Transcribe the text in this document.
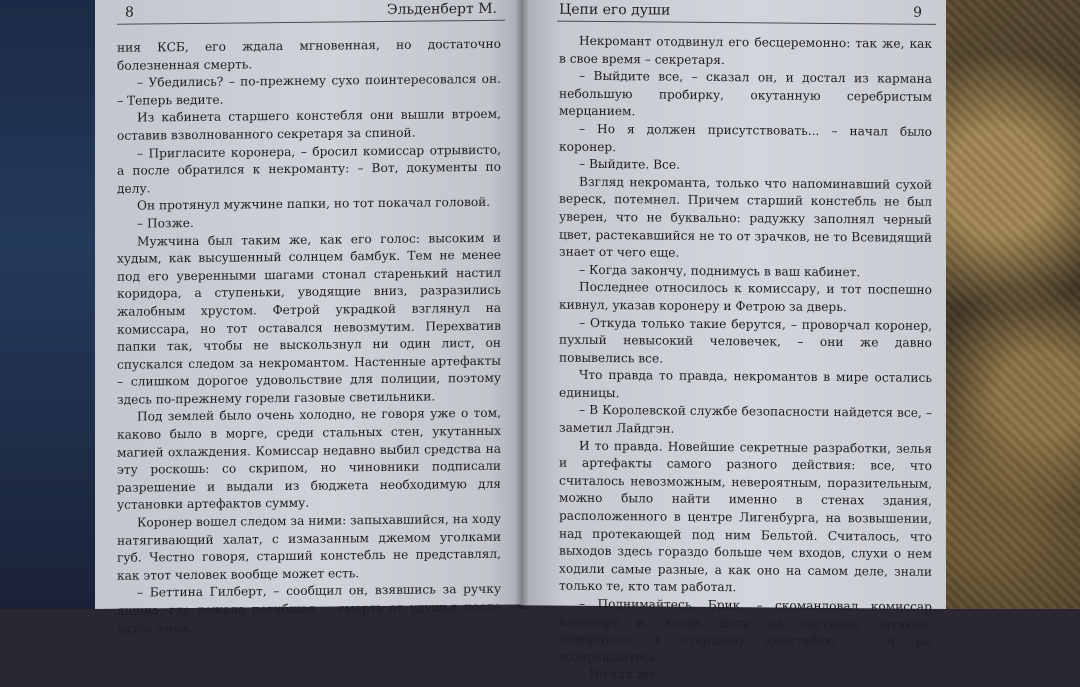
8	Эльденберт М.

ния КСБ, его ждала мгновенная, но достаточно болезненная смерть.

– Убедились? – по-прежнему сухо поинтересовался он. – Теперь ведите.

Из кабинета старшего констебля они вышли втроем, оставив взволнованного секретаря за спиной.

– Пригласите коронера, – бросил комиссар отрывисто, а после обратился к некроманту: – Вот, документы по делу.

Он протянул мужчине папки, но тот покачал головой.

– Позже.

Мужчина был таким же, как его голос: высоким и худым, как высушенный солнцем бамбук. Тем не менее под его уверенными шагами стонал старенький настил коридора, а ступеньки, уводящие вниз, разразились жалобным хрустом. Фетрой украдкой взглянул на комиссара, но тот оставался невозмутим. Перехватив папки так, чтобы не выскользнул ни один лист, он спускался следом за некромантом. Настенные артефакты – слишком дорогое удовольствие для полиции, поэтому здесь по-прежнему горели газовые светильники.

Под землей было очень холодно, не говоря уже о том, каково было в морге, среди стальных стен, укутанных магией охлаждения. Комиссар недавно выбил средства на эту роскошь: со скрипом, но чиновники подписали разрешение и выдали из бюджета необходимую для установки артефактов сумму.

Коронер вошел следом за ними: запыхавшийся, на ходу натягивающий халат, с измазанным джемом уголками губ. Честно говоря, старший констебль не представлял, как этот человек вообще может есть.

– Беттина Гилберт, – сообщил он, взявшись за ручку ящика, где лежала погибшая, – смерть от удушья после укуса змеи...

Цепи его души	9

Некромант отодвинул его бесцеремонно: так же, как в свое время – секретаря.

– Выйдите все, – сказал он, и достал из кармана небольшую пробирку, окутанную серебристым мерцанием.

– Но я должен присутствовать... – начал было коронер.

– Выйдите. Все.

Взгляд некроманта, только что напоминавший сухой вереск, потемнел. Причем старший констебль не был уверен, что не буквально: радужку заполнял черный цвет, растекавшийся не то от зрачков, не то Всевидящий знает от чего еще.

– Когда закончу, поднимусь в ваш кабинет.

Последнее относилось к комиссару, и тот поспешно кивнул, указав коронеру и Фетрою за дверь.

– Откуда только такие берутся, – проворчал коронер, пухлый невысокий человечек, – они же давно повывелись все.

Что правда то правда, некромантов в мире остались единицы.

– В Королевской службе безопасности найдется все, – заметил Лайдгэн.

И то правда. Новейшие секретные разработки, зелья и артефакты самого разного действия: все, что считалось невозможным, невероятным, поразительным, можно было найти именно в стенах здания, расположенного в центре Лигенбурга, на возвышении, над протекающей под ним Бельтой. Считалось, что выходов здесь гораздо больше чем входов, слухи о нем ходили самые разные, а как оно на самом деле, знали только те, кто там работал.

– Поднимайтесь, Брик, – скомандовал комиссар коронеру и, когда шаги на лестнице затихли, повернулся к старшему констеблю. – А вы возвращайтесь.

– Но как же...
